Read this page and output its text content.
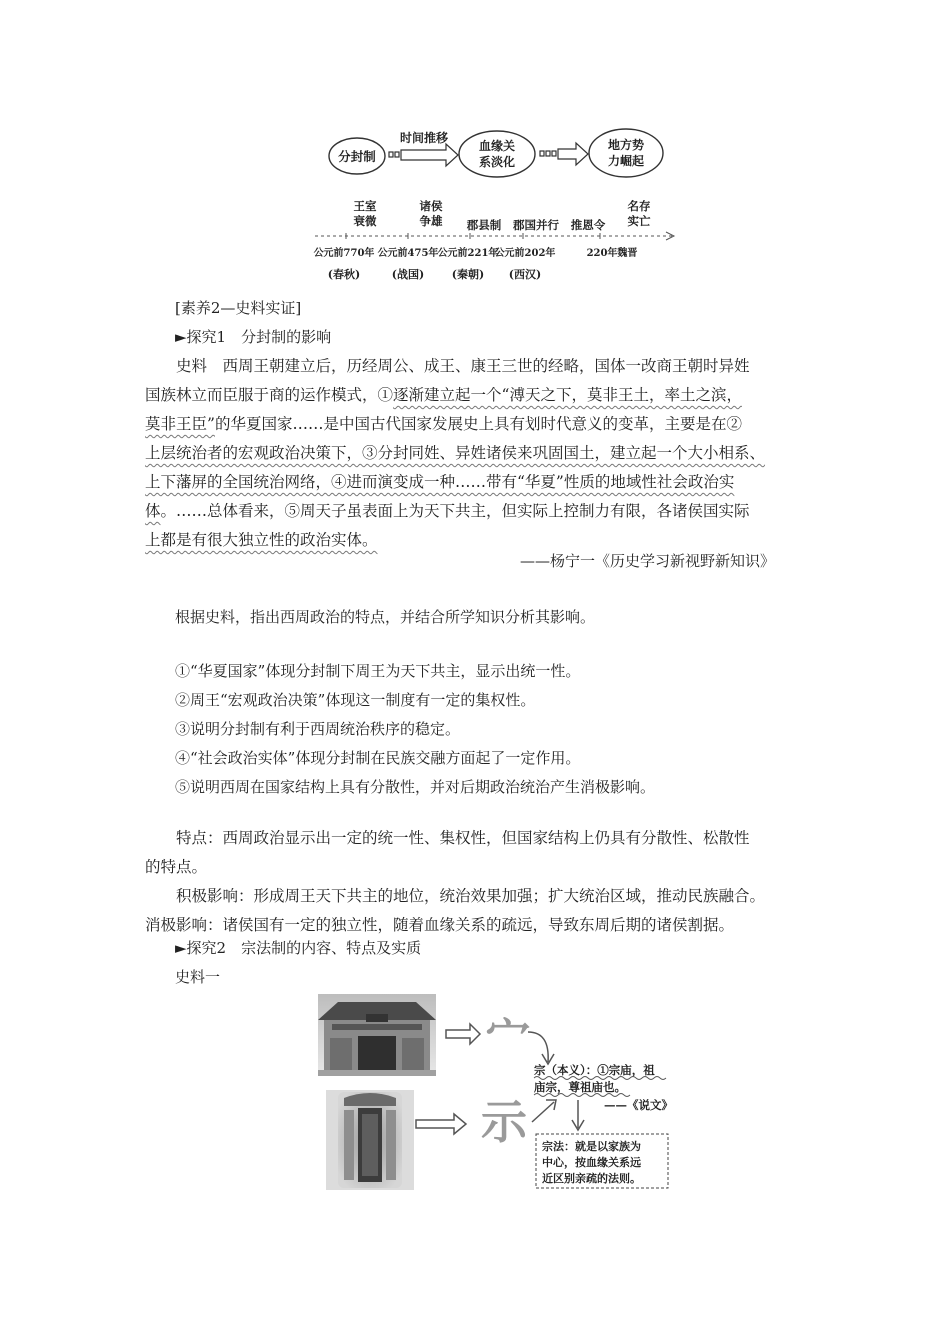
分封制
血缘关
系淡化
地方势
力崛起
时间推移
王室
衰微
诸侯
争雄 郡县制 郡国并行 推恩令
名存
实亡
公元前770年 公元前475年 公元前221年
公元前202年	220年魏晋
(春秋)	(战国)	(秦朝) (西汉)
[素养2—史料实证]
►探究1　分封制的影响
史料　西周王朝建立后，历经周公、成王、康王三世的经略，国体一改商王朝时异姓
国族林立而臣服于商的运作模式，①逐渐建立起一个“溥天之下，莫非王土，率土之滨，
莫非王臣”的华夏国家……是中国古代国家发展史上具有划时代意义的变革，主要是在②
上层统治者的宏观政治决策下，③分封同姓、异姓诸侯来巩固国土，建立起一个大小相系、
上下藩屏的全国统治网络，④进而演变成一种……带有“华夏”性质的地域性社会政治实
体。……总体看来，⑤周天子虽表面上为天下共主，但实际上控制力有限，各诸侯国实际
上都是有很大独立性的政治实体。
——杨宁一《历史学习新视野新知识》
根据史料，指出西周政治的特点，并结合所学知识分析其影响。
①“华夏国家”体现分封制下周王为天下共主，显示出统一性。
②周王“宏观政治决策”体现这一制度有一定的集权性。
③说明分封制有利于西周统治秩序的稳定。
④“社会政治实体”体现分封制在民族交融方面起了一定作用。
⑤说明西周在国家结构上具有分散性，并对后期政治统治产生消极影响。
特点：西周政治显示出一定的统一性、集权性，但国家结构上仍具有分散性、松散性
的特点。
积极影响：形成周王天下共主的地位，统治效果加强；扩大统治区域，推动民族融合。
消极影响：诸侯国有一定的独立性，随着血缘关系的疏远，导致东周后期的诸侯割据。
►探究2　宗法制的内容、特点及实质
史料一
宀
示
宗（本义）：①宗庙，祖
庙宗，尊祖庙也。
——《说文》
宗法：就是以家族为
中心，按血缘关系远
近区别亲疏的法则。
